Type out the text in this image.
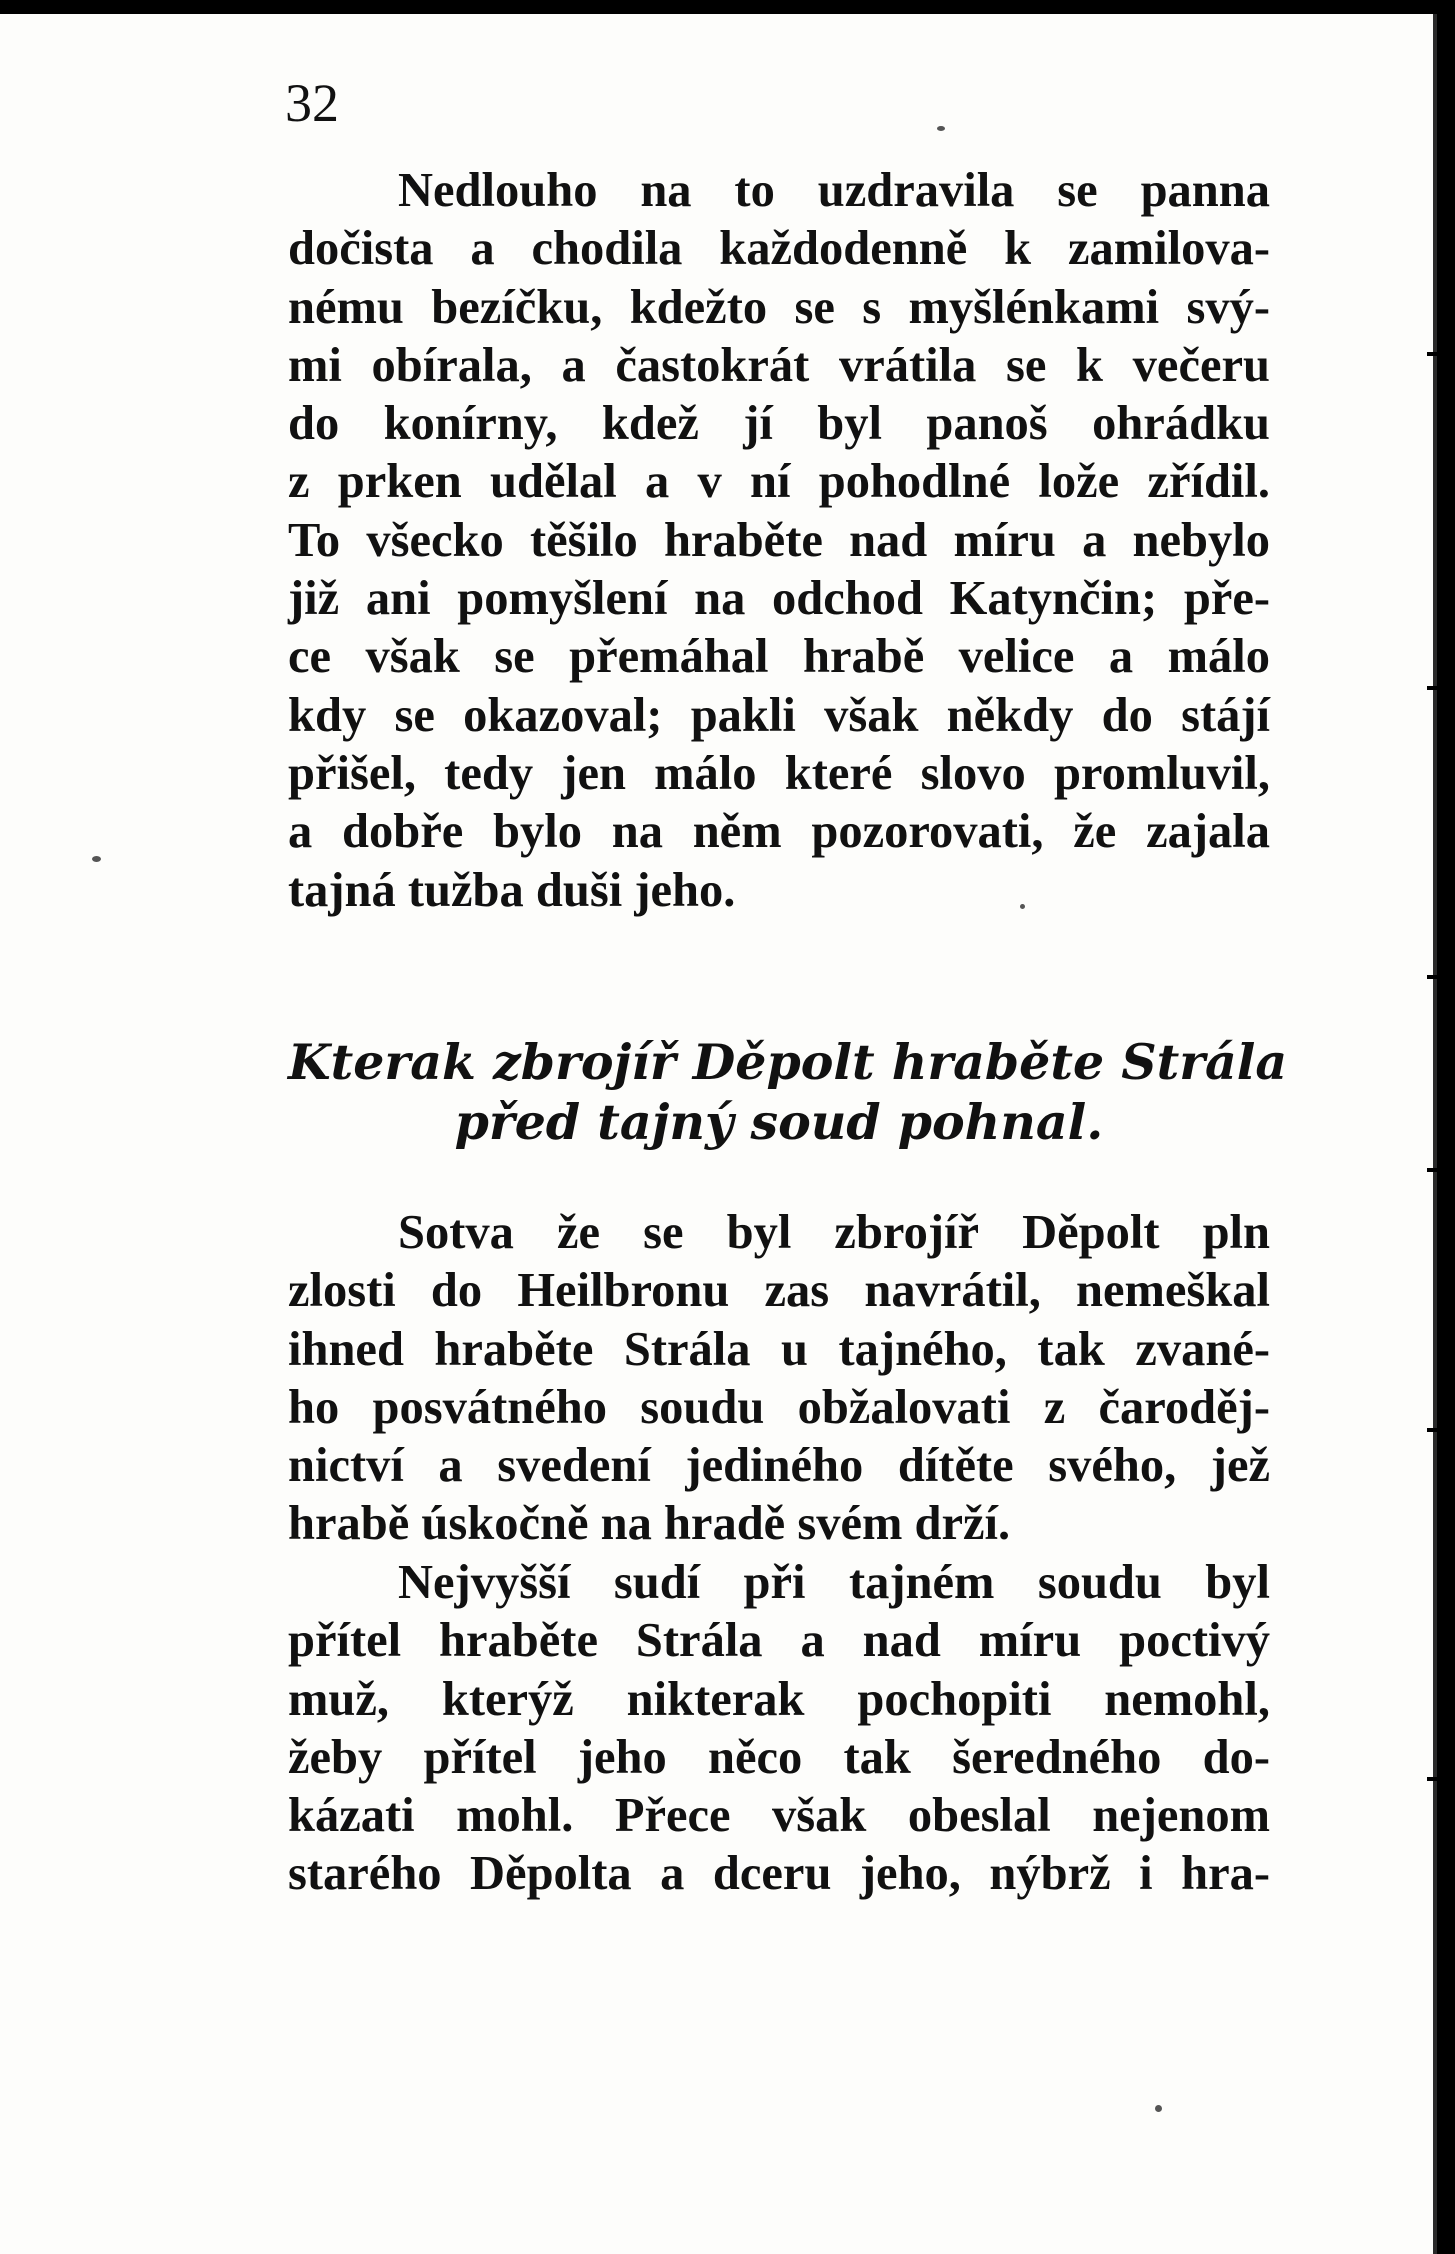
32

Nedlouho na to uzdravila se panna
dočista a chodila každodenně k zamilova-
nému bezíčku, kdežto se s myšlénkami svý-
mi obírala, a častokrát vrátila se k večeru
do konírny, kdež jí byl panoš ohrádku
z prken udělal a v ní pohodlné lože zřídil.
To všecko těšilo hraběte nad míru a nebylo
již ani pomyšlení na odchod Katynčin; pře-
ce však se přemáhal hrabě velice a málo
kdy se okazoval; pakli však někdy do stájí
přišel, tedy jen málo které slovo promluvil,
a dobře bylo na něm pozorovati, že zajala
tajná tužba duši jeho.

Kterak zbrojíř Děpolt hraběte Strála
před tajný soud pohnal.

Sotva že se byl zbrojíř Děpolt pln
zlosti do Heilbronu zas navrátil, nemeškal
ihned hraběte Strála u tajného, tak zvané-
ho posvátného soudu obžalovati z čaroděj-
nictví a svedení jediného dítěte svého, jež
hrabě úskočně na hradě svém drží.

Nejvyšší sudí při tajném soudu byl
přítel hraběte Strála a nad míru poctivý
muž, kterýž nikterak pochopiti nemohl,
žeby přítel jeho něco tak šeredného do-
kázati mohl. Přece však obeslal nejenom
starého Děpolta a dceru jeho, nýbrž i hra-
